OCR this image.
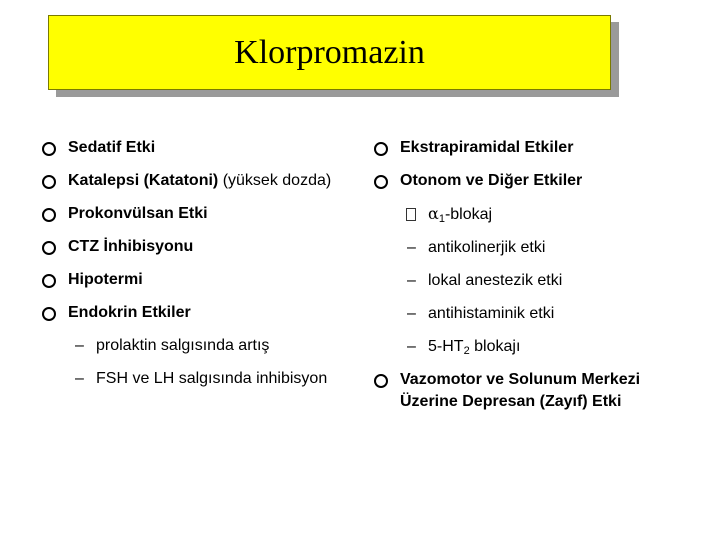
Klorpromazin
Sedatif Etki
Katalepsi (Katatoni) (yüksek dozda)
Prokonvülsan Etki
CTZ İnhibisyonu
Hipotermi
Endokrin Etkiler
– prolaktin salgısında artış
– FSH ve LH salgısında inhibisyon
Ekstrapiramidal Etkiler
Otonom ve Diğer Etkiler
$\alpha_1$-blokaj
– antikolinerjik etki
– lokal anestezik etki
– antihistaminik etki
– $5-HT_2$ blokajı
Vazomotor ve Solunum Merkezi Üzerine Depresan (Zayıf) Etki
